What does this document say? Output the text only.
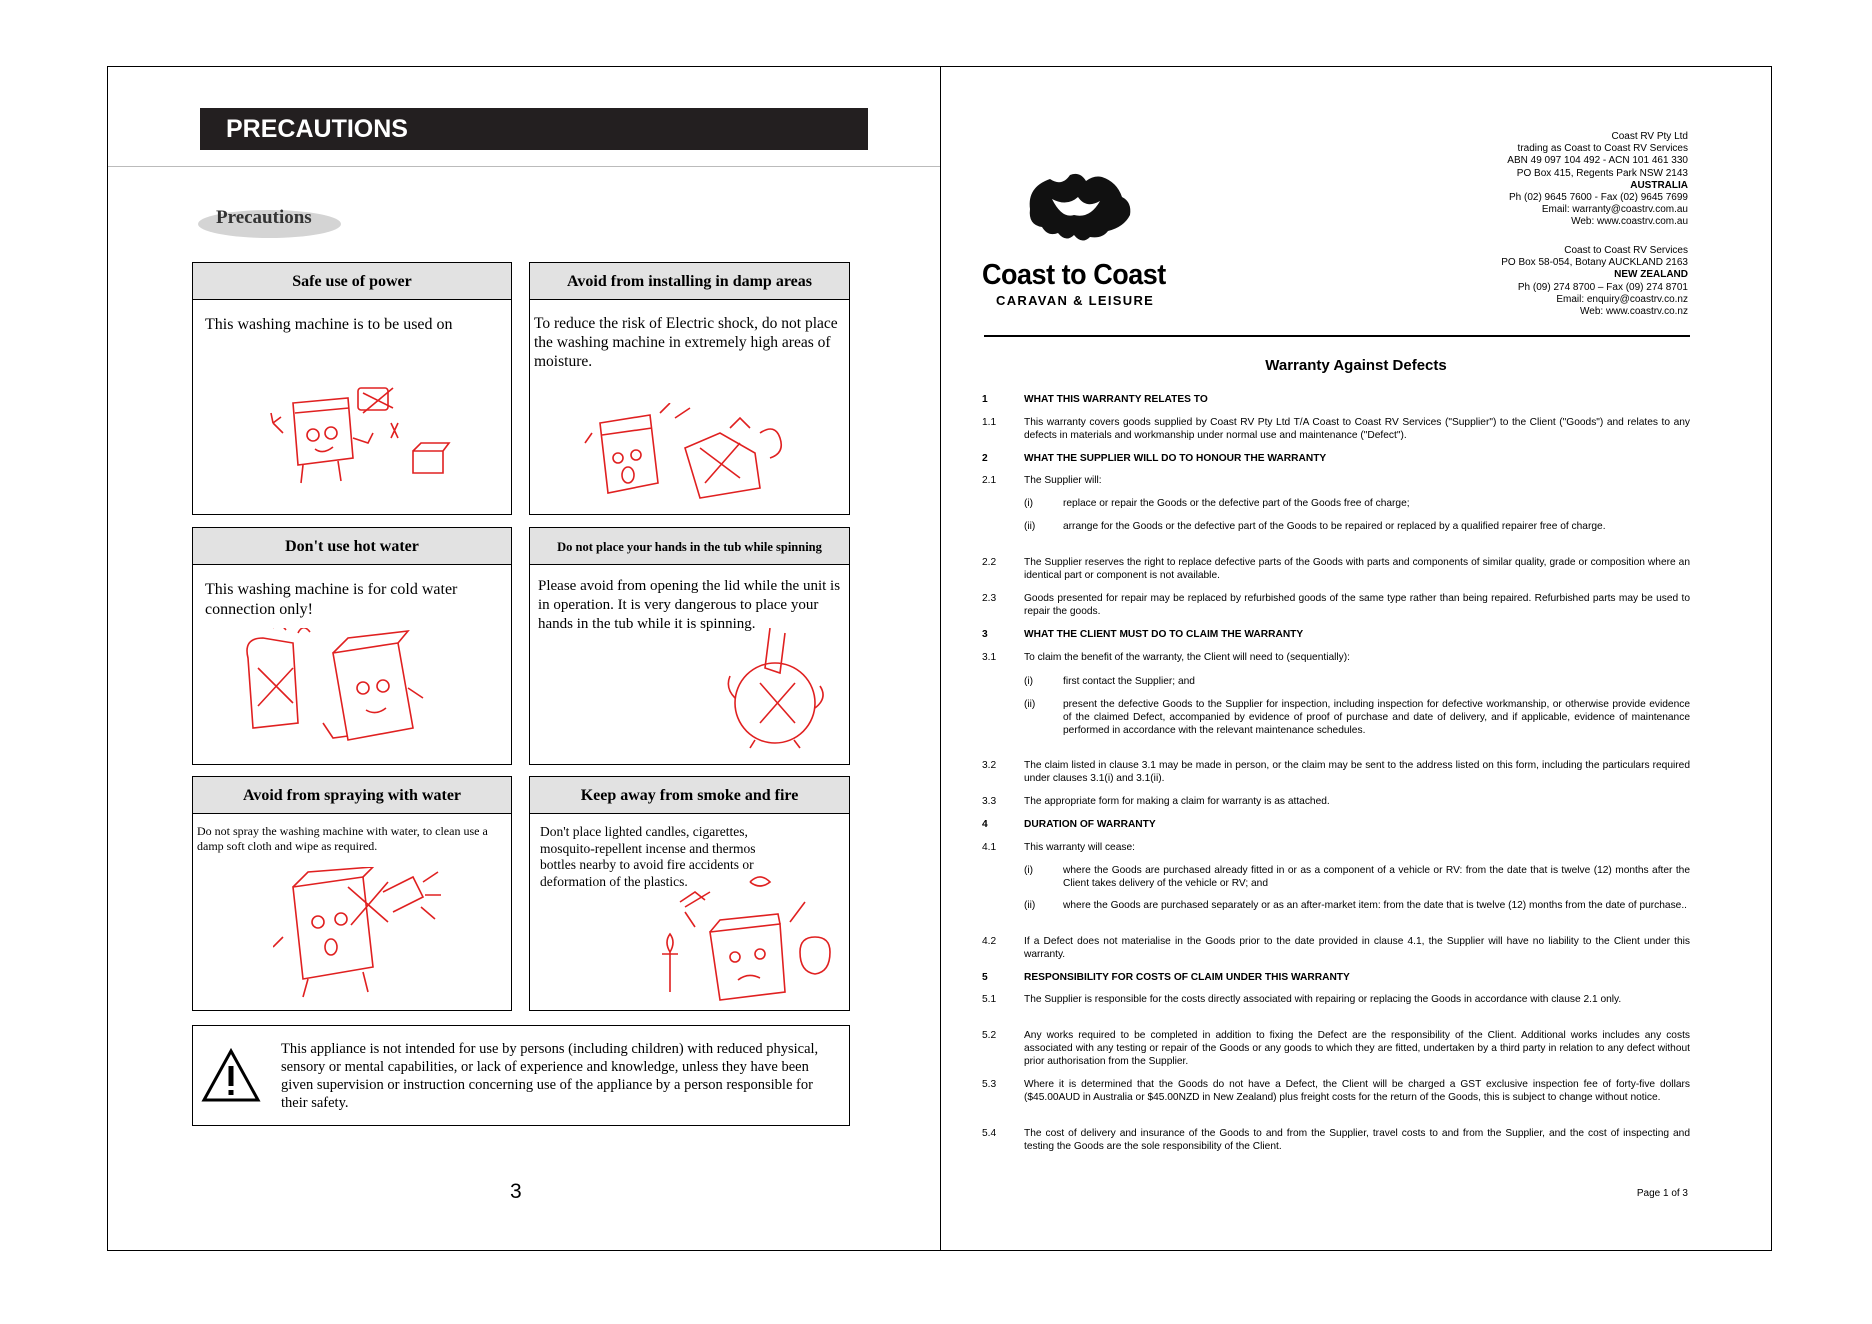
PRECAUTIONS
Precautions
Safe use of power
This washing machine is to be used on
Avoid from installing in damp areas
To reduce the risk of Electric shock, do not place the washing machine in extremely high areas of moisture.
Don't use hot water
This washing machine is for cold water connection only!
Do not place your hands in the tub while spinning
Please avoid from opening the lid while the unit is in operation. It is very dangerous to place your hands in the tub while it is spinning.
Avoid from spraying with water
Do not spray the washing machine with water, to clean use a damp soft cloth and wipe as required.
Keep away from smoke and fire
Don't place lighted candles, cigarettes, mosquito-repellent incense and thermos bottles nearby to avoid fire accidents or deformation of the plastics.
This appliance is not intended for use by persons (including children) with reduced physical, sensory or mental capabilities, or lack of experience and knowledge, unless they have been given supervision or instruction concerning use of the appliance by a person responsible for their safety.
3
Coast to Coast
CARAVAN & LEISURE
Coast RV Pty Ltd
trading as Coast to Coast RV Services
ABN 49 097 104 492 - ACN 101 461 330
PO Box 415, Regents Park NSW 2143
AUSTRALIA
Ph (02) 9645 7600 - Fax (02) 9645 7699
Email: warranty@coastrv.com.au
Web: www.coastrv.com.au
Coast to Coast RV Services
PO Box 58-054, Botany AUCKLAND 2163
NEW ZEALAND
Ph (09) 274 8700 – Fax (09) 274 8701
Email: enquiry@coastrv.co.nz
Web: www.coastrv.co.nz
Warranty Against Defects
1	WHAT THIS WARRANTY RELATES TO
1.1	This warranty covers goods supplied by Coast RV Pty Ltd T/A Coast to Coast RV Services ("Supplier") to the Client ("Goods") and relates to any defects in materials and workmanship under normal use and maintenance ("Defect").
2	WHAT THE SUPPLIER WILL DO TO HONOUR THE WARRANTY
2.1	The Supplier will:
(i)	replace or repair the Goods or the defective part of the Goods free of charge;
(ii)	arrange for the Goods or the defective part of the Goods to be repaired or replaced by a qualified repairer free of charge.
2.2	The Supplier reserves the right to replace defective parts of the Goods with parts and components of similar quality, grade or composition where an identical part or component is not available.
2.3	Goods presented for repair may be replaced by refurbished goods of the same type rather than being repaired. Refurbished parts may be used to repair the goods.
3	WHAT THE CLIENT MUST DO TO CLAIM THE WARRANTY
3.1	To claim the benefit of the warranty, the Client will need to (sequentially):
(i)	first contact the Supplier; and
(ii)	present the defective Goods to the Supplier for inspection, including inspection for defective workmanship, or otherwise provide evidence of the claimed Defect, accompanied by evidence of proof of purchase and date of delivery, and if applicable, evidence of maintenance performed in accordance with the relevant maintenance schedules.
3.2	The claim listed in clause 3.1 may be made in person, or the claim may be sent to the address listed on this form, including the particulars required under clauses 3.1(i) and 3.1(ii).
3.3	The appropriate form for making a claim for warranty is as attached.
4	DURATION OF WARRANTY
4.1	This warranty will cease:
(i)	where the Goods are purchased already fitted in or as a component of a vehicle or RV: from the date that is twelve (12) months after the Client takes delivery of the vehicle or RV; and
(ii)	where the Goods are purchased separately or as an after-market item: from the date that is twelve (12) months from the date of purchase..
4.2	If a Defect does not materialise in the Goods prior to the date provided in clause 4.1, the Supplier will have no liability to the Client under this warranty.
5	RESPONSIBILITY FOR COSTS OF CLAIM UNDER THIS WARRANTY
5.1	The Supplier is responsible for the costs directly associated with repairing or replacing the Goods in accordance with clause 2.1 only.
5.2	Any works required to be completed in addition to fixing the Defect are the responsibility of the Client. Additional works includes any costs associated with any testing or repair of the Goods or any goods to which they are fitted, undertaken by a third party in relation to any defect without prior authorisation from the Supplier.
5.3	Where it is determined that the Goods do not have a Defect, the Client will be charged a GST exclusive inspection fee of forty-five dollars ($45.00AUD in Australia or $45.00NZD in New Zealand) plus freight costs for the return of the Goods, this is subject to change without notice.
5.4	The cost of delivery and insurance of the Goods to and from the Supplier, travel costs to and from the Supplier, and the cost of inspecting and testing the Goods are the sole responsibility of the Client.
Page 1 of 3
